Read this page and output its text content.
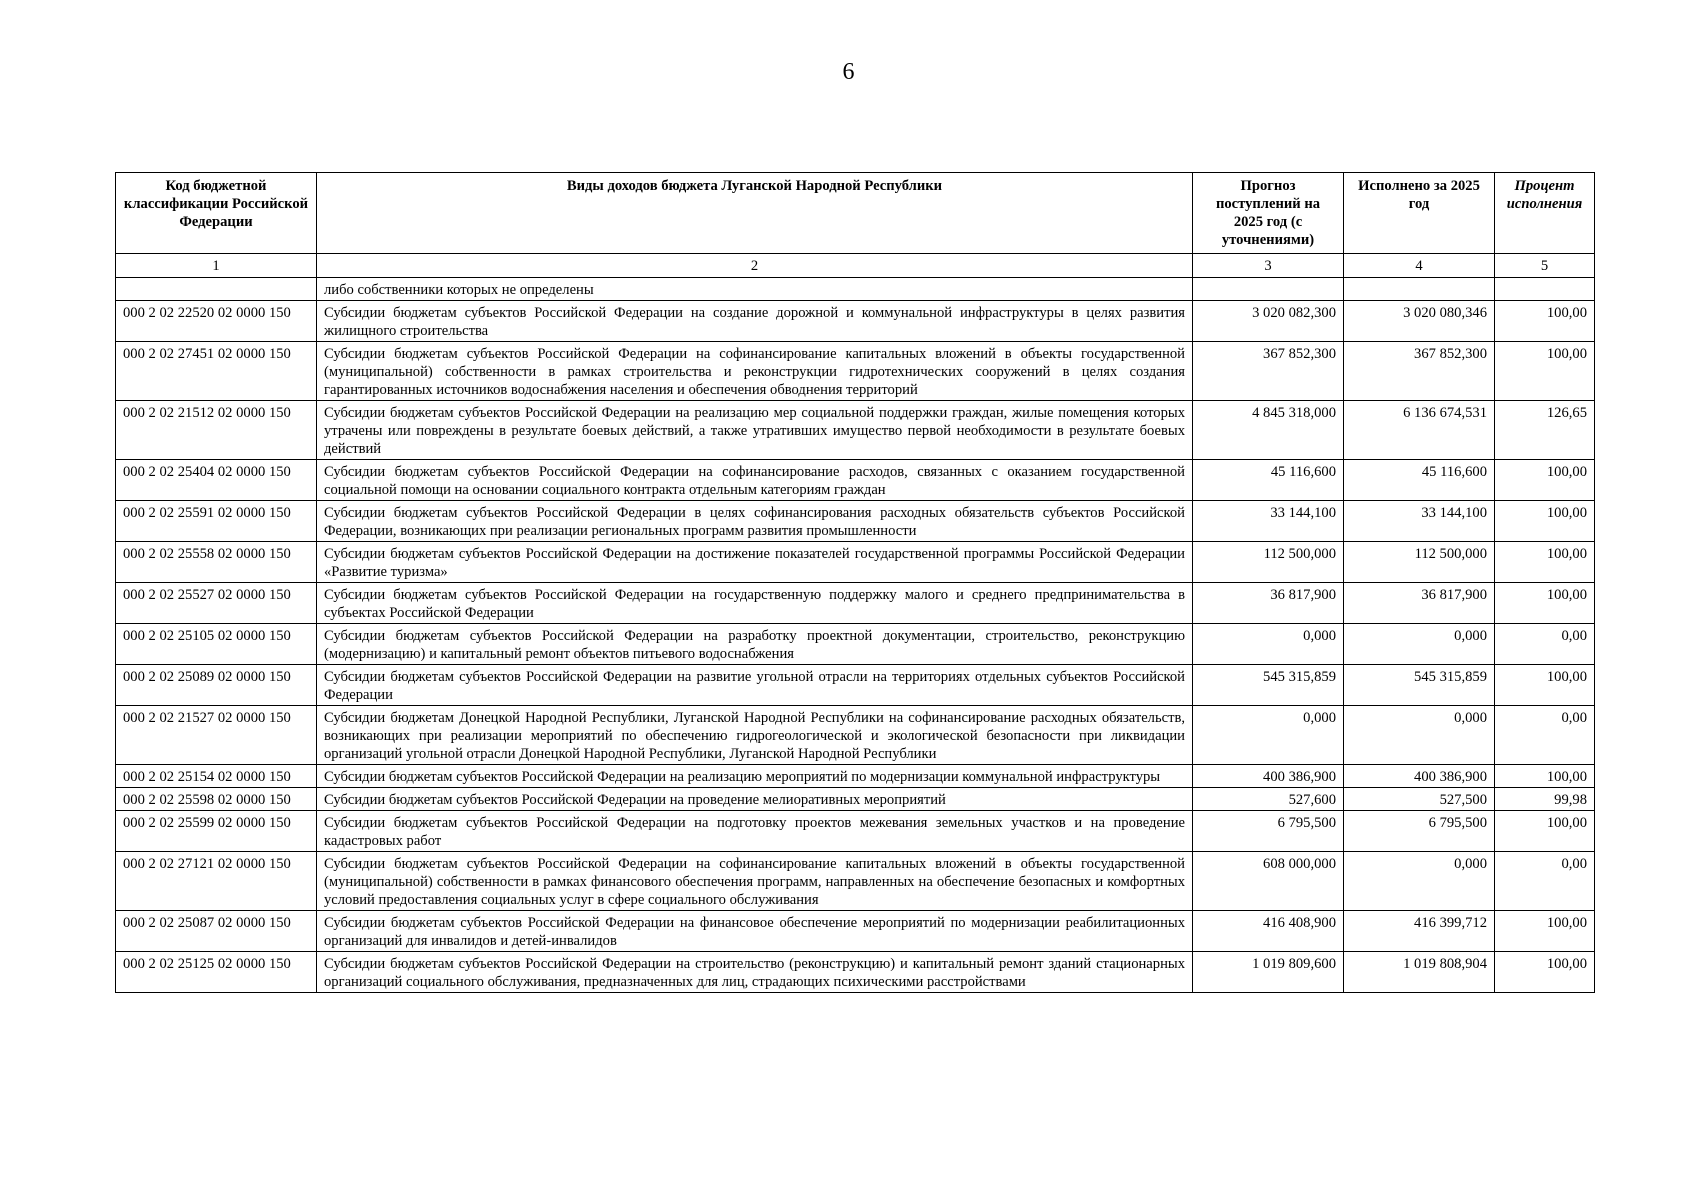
6
Код бюджетной классификации Российской Федерации	Виды доходов бюджета Луганской Народной Республики	Прогноз поступлений на 2025 год (с уточнениями)	Исполнено за 2025 год	Процент исполнения
1	2	3	4	5
	либо собственники которых не определены			
000 2 02 22520 02 0000 150	Субсидии бюджетам субъектов Российской Федерации на создание дорожной и коммунальной инфраструктуры в целях развития жилищного строительства	3 020 082,300	3 020 080,346	100,00
000 2 02 27451 02 0000 150	Субсидии бюджетам субъектов Российской Федерации на софинансирование капитальных вложений в объекты государственной (муниципальной) собственности в рамках строительства и реконструкции гидротехнических сооружений в целях создания гарантированных источников водоснабжения населения и обеспечения обводнения территорий	367 852,300	367 852,300	100,00
000 2 02 21512 02 0000 150	Субсидии бюджетам субъектов Российской Федерации на реализацию мер социальной поддержки граждан, жилые помещения которых утрачены или повреждены в результате боевых действий, а также утративших имущество первой необходимости в результате боевых действий	4 845 318,000	6 136 674,531	126,65
000 2 02 25404 02 0000 150	Субсидии бюджетам субъектов Российской Федерации на софинансирование расходов, связанных с оказанием государственной социальной помощи на основании социального контракта отдельным категориям граждан	45 116,600	45 116,600	100,00
000 2 02 25591 02 0000 150	Субсидии бюджетам субъектов Российской Федерации в целях софинансирования расходных обязательств субъектов Российской Федерации, возникающих при реализации региональных программ развития промышленности	33 144,100	33 144,100	100,00
000 2 02 25558 02 0000 150	Субсидии бюджетам субъектов Российской Федерации на достижение показателей государственной программы Российской Федерации «Развитие туризма»	112 500,000	112 500,000	100,00
000 2 02 25527 02 0000 150	Субсидии бюджетам субъектов Российской Федерации на государственную поддержку малого и среднего предпринимательства в субъектах Российской Федерации	36 817,900	36 817,900	100,00
000 2 02 25105 02 0000 150	Субсидии бюджетам субъектов Российской Федерации на разработку проектной документации, строительство, реконструкцию (модернизацию) и капитальный ремонт объектов питьевого водоснабжения	0,000	0,000	0,00
000 2 02 25089 02 0000 150	Субсидии бюджетам субъектов Российской Федерации на развитие угольной отрасли на территориях отдельных субъектов Российской Федерации	545 315,859	545 315,859	100,00
000 2 02 21527 02 0000 150	Субсидии бюджетам Донецкой Народной Республики, Луганской Народной Республики на софинансирование расходных обязательств, возникающих при реализации мероприятий по обеспечению гидрогеологической и экологической безопасности при ликвидации организаций угольной отрасли Донецкой Народной Республики, Луганской Народной Республики	0,000	0,000	0,00
000 2 02 25154 02 0000 150	Субсидии бюджетам субъектов Российской Федерации на реализацию мероприятий по модернизации коммунальной инфраструктуры	400 386,900	400 386,900	100,00
000 2 02 25598 02 0000 150	Субсидии бюджетам субъектов Российской Федерации на проведение мелиоративных мероприятий	527,600	527,500	99,98
000 2 02 25599 02 0000 150	Субсидии бюджетам субъектов Российской Федерации на подготовку проектов межевания земельных участков и на проведение кадастровых работ	6 795,500	6 795,500	100,00
000 2 02 27121 02 0000 150	Субсидии бюджетам субъектов Российской Федерации на софинансирование капитальных вложений в объекты государственной (муниципальной) собственности в рамках финансового обеспечения программ, направленных на обеспечение безопасных и комфортных условий предоставления социальных услуг в сфере социального обслуживания	608 000,000	0,000	0,00
000 2 02 25087 02 0000 150	Субсидии бюджетам субъектов Российской Федерации на финансовое обеспечение мероприятий по модернизации реабилитационных организаций для инвалидов и детей-инвалидов	416 408,900	416 399,712	100,00
000 2 02 25125 02 0000 150	Субсидии бюджетам субъектов Российской Федерации на строительство (реконструкцию) и капитальный ремонт зданий стационарных организаций социального обслуживания, предназначенных для лиц, страдающих психическими расстройствами	1 019 809,600	1 019 808,904	100,00
